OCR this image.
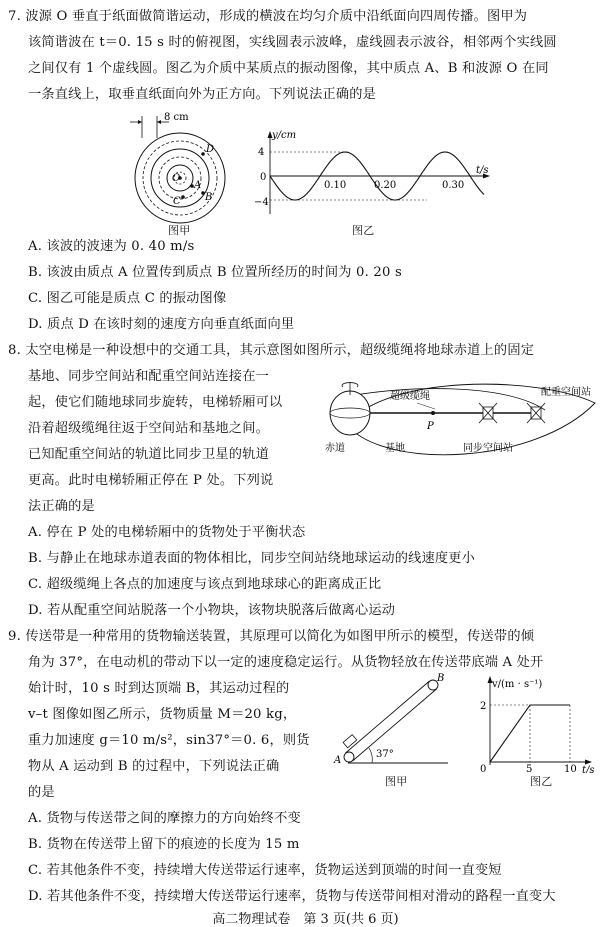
7. 波源 O 垂直于纸面做简谐运动，形成的横波在均匀介质中沿纸面向四周传播。图甲为
该简谐波在 t＝0. 15 s 时的俯视图，实线圆表示波峰，虚线圆表示波谷，相邻两个实线圆
之间仅有 1 个虚线圆。图乙为介质中某质点的振动图像，其中质点 A、B 和波源 O 在同
一条直线上，取垂直纸面向外为正方向。下列说法正确的是
8 cm
D
O
A
C B
图甲
y/cm
t/s
4
0
−4
0.10	0.20	0.30
图乙
A. 该波的波速为 0. 40 m/s
B. 该波由质点 A 位置传到质点 B 位置所经历的时间为 0. 20 s
C. 图乙可能是质点 C 的振动图像
D. 质点 D 在该时刻的速度方向垂直纸面向里
8. 太空电梯是一种设想中的交通工具，其示意图如图所示，超级缆绳将地球赤道上的固定
基地、同步空间站和配重空间站连接在一
起，使它们随地球同步旋转，电梯轿厢可以
沿着超级缆绳往返于空间站和基地之间。
已知配重空间站的轨道比同步卫星的轨道
更高。此时电梯轿厢正停在 P 处。下列说
法正确的是
超级缆绳	配重空间站
赤道	基地
P
同步空间站
A. 停在 P 处的电梯轿厢中的货物处于平衡状态
B. 与静止在地球赤道表面的物体相比，同步空间站绕地球运动的线速度更小
C. 超级缆绳上各点的加速度与该点到地球球心的距离成正比
D. 若从配重空间站脱落一个小物块，该物块脱落后做离心运动
9. 传送带是一种常用的货物输送装置，其原理可以简化为如图甲所示的模型，传送带的倾
角为 37°，在电动机的带动下以一定的速度稳定运行。从货物轻放在传送带底端 A 处开
始计时，10 s 时到达顶端 B，其运动过程的
v–t 图像如图乙所示，货物质量 M＝20 kg，
重力加速度 g＝10 m/s²，sin37°＝0. 6，则货
物从 A 运动到 B 的过程中，下列说法正确
的是
37°
A
B
图甲
v/(m · s⁻¹)
t/s
2
0	5	10
图乙
A. 货物与传送带之间的摩擦力的方向始终不变
B. 货物在传送带上留下的痕迹的长度为 15 m
C. 若其他条件不变，持续增大传送带运行速率，货物运送到顶端的时间一直变短
D. 若其他条件不变，持续增大传送带运行速率，货物与传送带间相对滑动的路程一直变大
高二物理试卷　第 3 页(共 6 页)
